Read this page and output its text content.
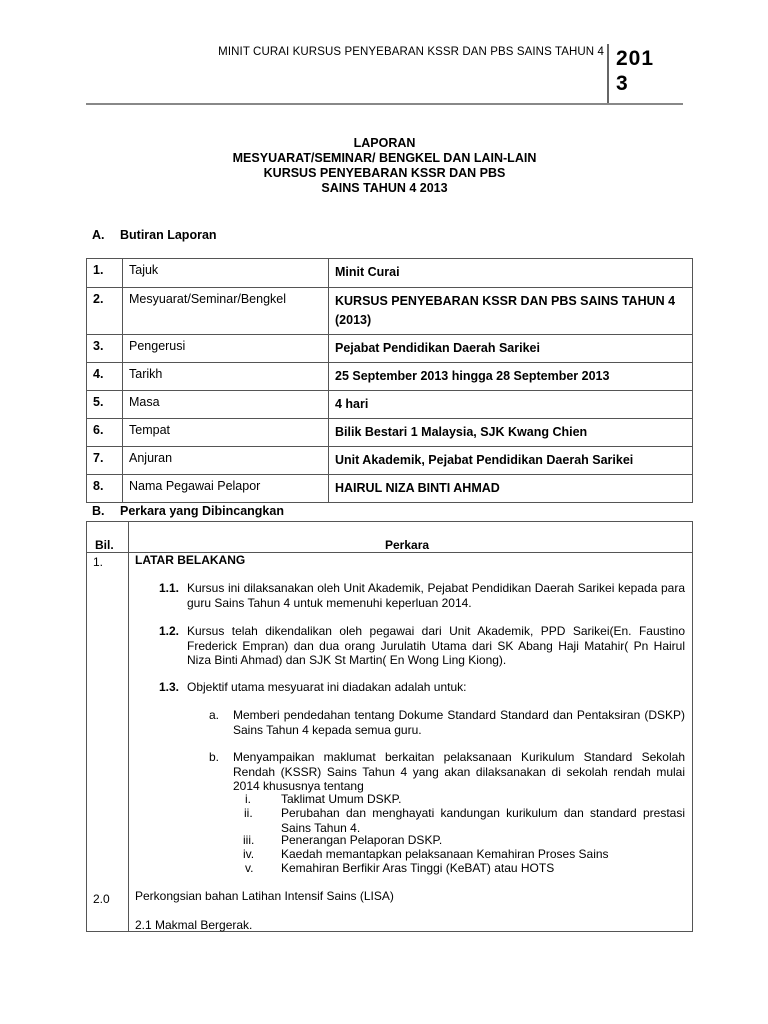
MINIT CURAI KURSUS PENYEBARAN KSSR DAN PBS SAINS TAHUN 4 201
3
LAPORAN
MESYUARAT/SEMINAR/ BENGKEL DAN LAIN-LAIN
KURSUS PENYEBARAN KSSR DAN PBS
SAINS TAHUN 4 2013
A. Butiran Laporan
1.	Tajuk	Minit Curai
2.	Mesyuarat/Seminar/Bengkel	KURSUS PENYEBARAN KSSR DAN PBS SAINS TAHUN 4 (2013)
3.	Pengerusi	Pejabat Pendidikan Daerah Sarikei
4.	Tarikh	25 September 2013 hingga 28 September 2013
5.	Masa	4 hari
6.	Tempat	Bilik Bestari 1 Malaysia, SJK Kwang Chien
7.	Anjuran	Unit Akademik, Pejabat Pendidikan Daerah Sarikei
8.	Nama Pegawai Pelapor	HAIRUL NIZA BINTI AHMAD
B. Perkara yang Dibincangkan
Bil.	Perkara
1.	LATAR BELAKANG
1.1. Kursus ini dilaksanakan oleh Unit Akademik, Pejabat Pendidikan Daerah Sarikei kepada para guru Sains Tahun 4 untuk memenuhi keperluan 2014.
1.2. Kursus telah dikendalikan oleh pegawai dari Unit Akademik, PPD Sarikei(En. Faustino Frederick Empran) dan dua orang Jurulatih Utama dari SK Abang Haji Matahir( Pn Hairul Niza Binti Ahmad) dan SJK St Martin( En Wong Ling Kiong).
1.3. Objektif utama mesyuarat ini diadakan adalah untuk:
a. Memberi pendedahan tentang Dokume Standard Standard dan Pentaksiran (DSKP) Sains Tahun 4 kepada semua guru.
b. Menyampaikan maklumat berkaitan pelaksanaan Kurikulum Standard Sekolah Rendah (KSSR) Sains Tahun 4 yang akan dilaksanakan di sekolah rendah mulai 2014 khususnya tentang
i.	Taklimat Umum DSKP.
ii. Perubahan dan menghayati kandungan kurikulum dan standard prestasi Sains Tahun 4.
iii. Penerangan Pelaporan DSKP.
iv. Kaedah memantapkan pelaksanaan Kemahiran Proses Sains
v. Kemahiran Berfikir Aras Tinggi (KeBAT) atau HOTS
2.0 Perkongsian bahan Latihan Intensif Sains (LISA)
2.1 Makmal Bergerak.
